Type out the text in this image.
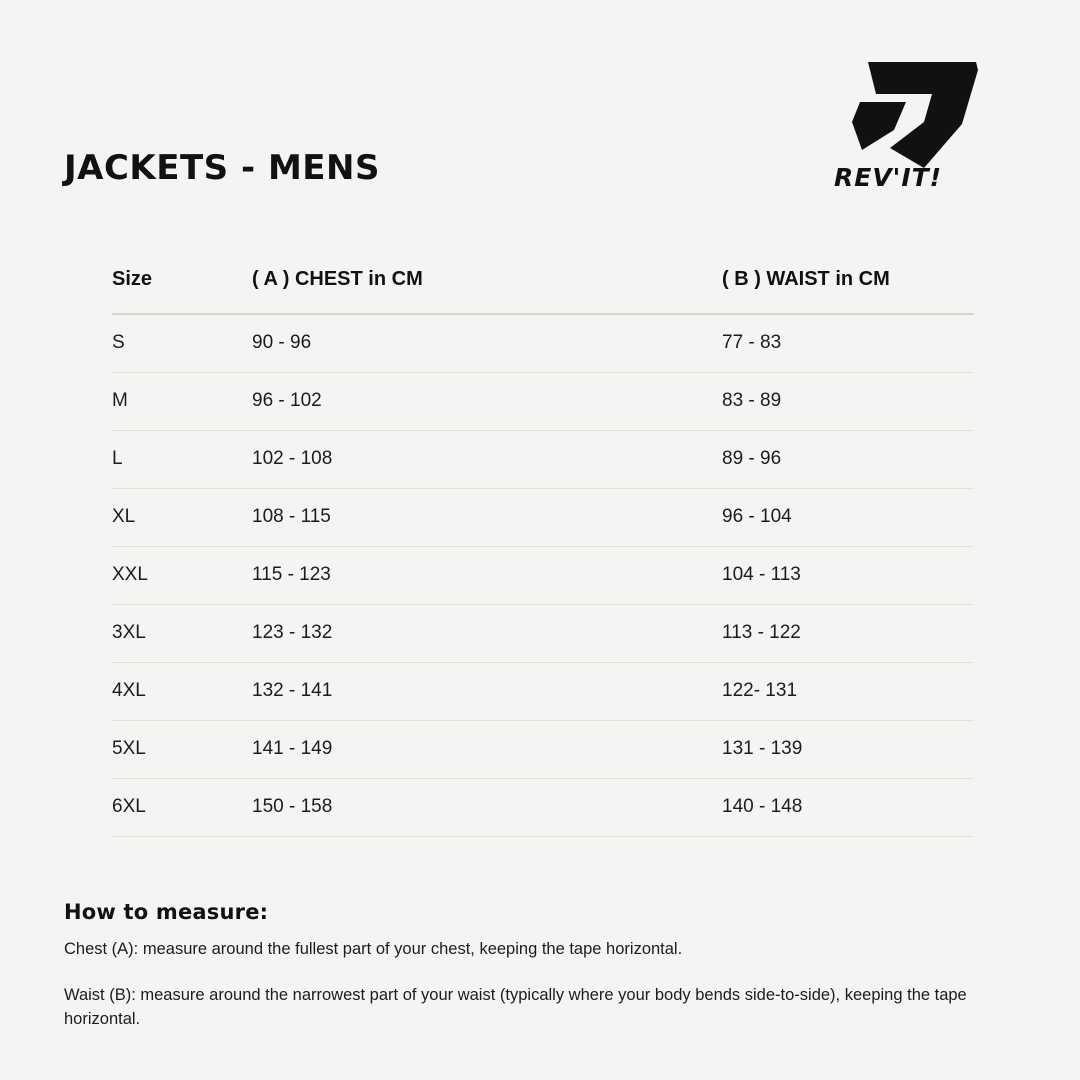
JACKETS - MENS	REV'IT!
Size	( A ) CHEST in CM	( B ) WAIST in CM
S	90 - 96	77 - 83
M	96 - 102	83 - 89
L	102 - 108	89 - 96
XL	108 - 115	96 - 104
XXL	115 - 123	104 - 113
3XL	123 - 132	113 - 122
4XL	132 - 141	122- 131
5XL	141 - 149	131 - 139
6XL	150 - 158	140 - 148
How to measure:

Chest (A): measure around the fullest part of your chest, keeping the tape horizontal.

Waist (B): measure around the narrowest part of your waist (typically where your body bends side-to-side), keeping the tape horizontal.
